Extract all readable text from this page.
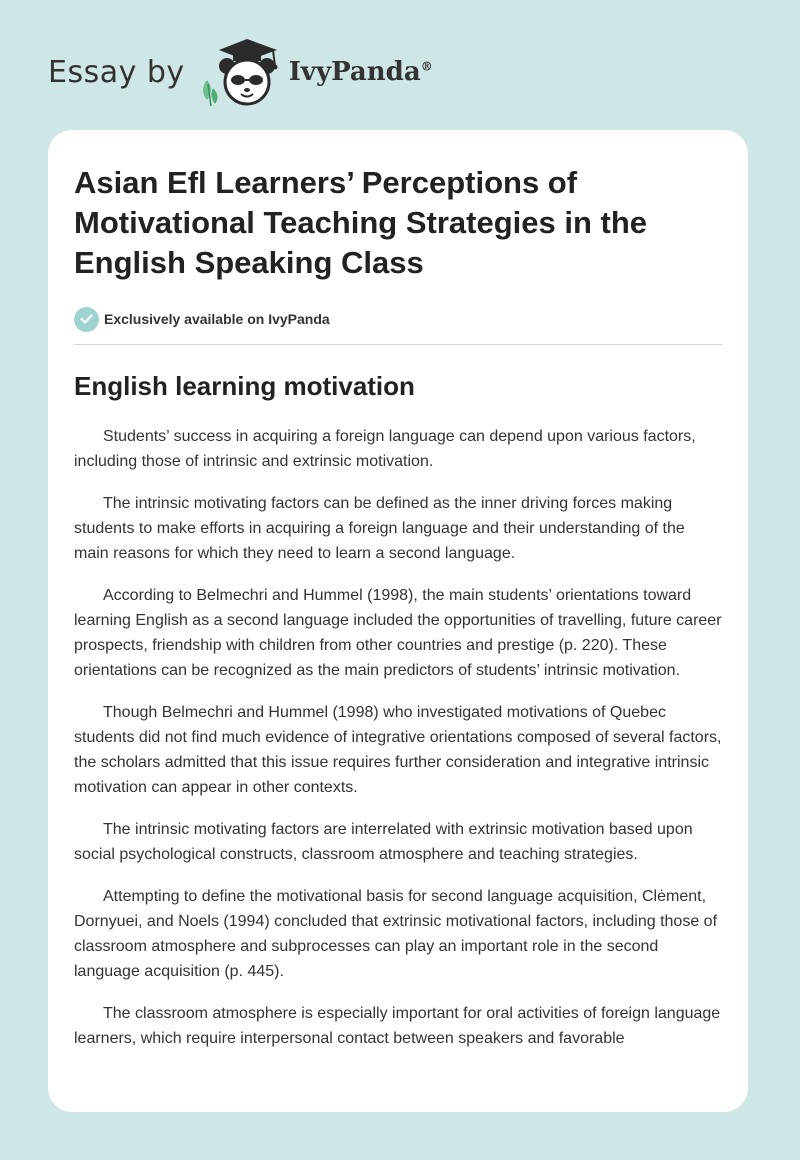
Essay by	IvyPanda®
Asian Efl Learners’ Perceptions of Motivational Teaching Strategies in the English Speaking Class
Exclusively available on IvyPanda
English learning motivation

Students’ success in acquiring a foreign language can depend upon various factors, including those of intrinsic and extrinsic motivation.

The intrinsic motivating factors can be defined as the inner driving forces making students to make efforts in acquiring a foreign language and their understanding of the main reasons for which they need to learn a second language.

According to Belmechri and Hummel (1998), the main students’ orientations toward learning English as a second language included the opportunities of travelling, future career prospects, friendship with children from other countries and prestige (p. 220). These orientations can be recognized as the main predictors of students’ intrinsic motivation.

Though Belmechri and Hummel (1998) who investigated motivations of Quebec students did not find much evidence of integrative orientations composed of several factors, the scholars admitted that this issue requires further consideration and integrative intrinsic motivation can appear in other contexts.

The intrinsic motivating factors are interrelated with extrinsic motivation based upon social psychological constructs, classroom atmosphere and teaching strategies.

Attempting to define the motivational basis for second language acquisition, Clėment, Dornyuei, and Noels (1994) concluded that extrinsic motivational factors, including those of classroom atmosphere and subprocesses can play an important role in the second language acquisition (p. 445).

The classroom atmosphere is especially important for oral activities of foreign language learners, which require interpersonal contact between speakers and favorable
